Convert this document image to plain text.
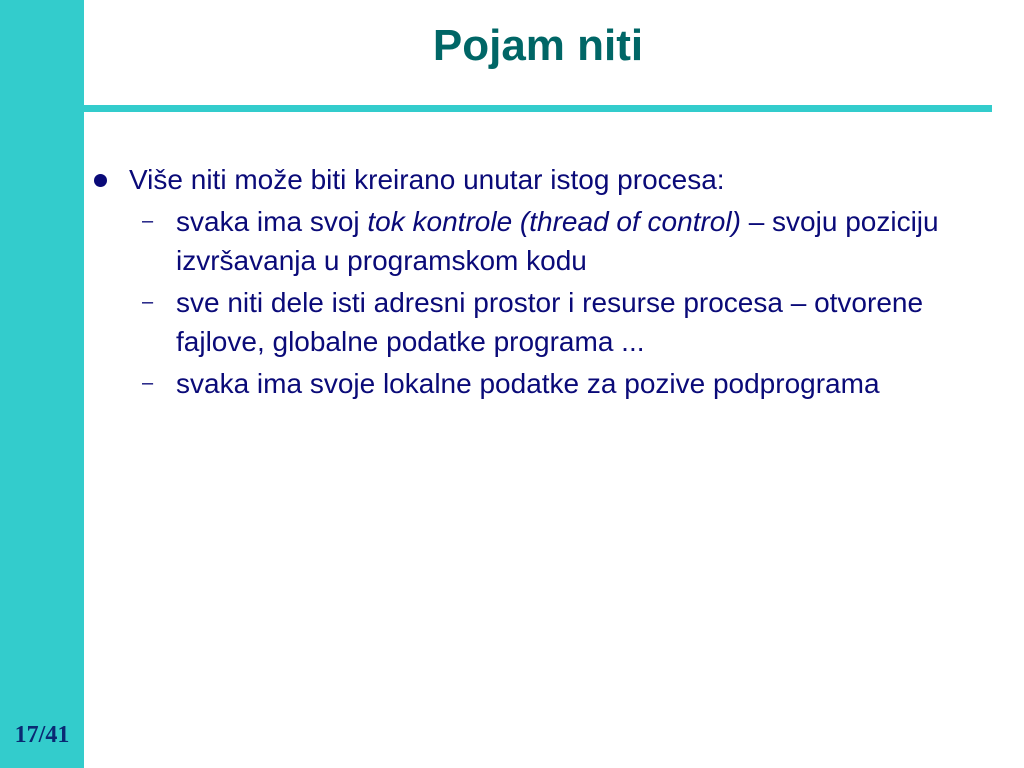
17/41
Pojam niti
Više niti može biti kreirano unutar istog procesa:
– svaka ima svoj tok kontrole (thread of control) – svoju poziciju izvršavanja u programskom kodu
– sve niti dele isti adresni prostor i resurse procesa – otvorene fajlove, globalne podatke programa ...
– svaka ima svoje lokalne podatke za pozive podprograma
